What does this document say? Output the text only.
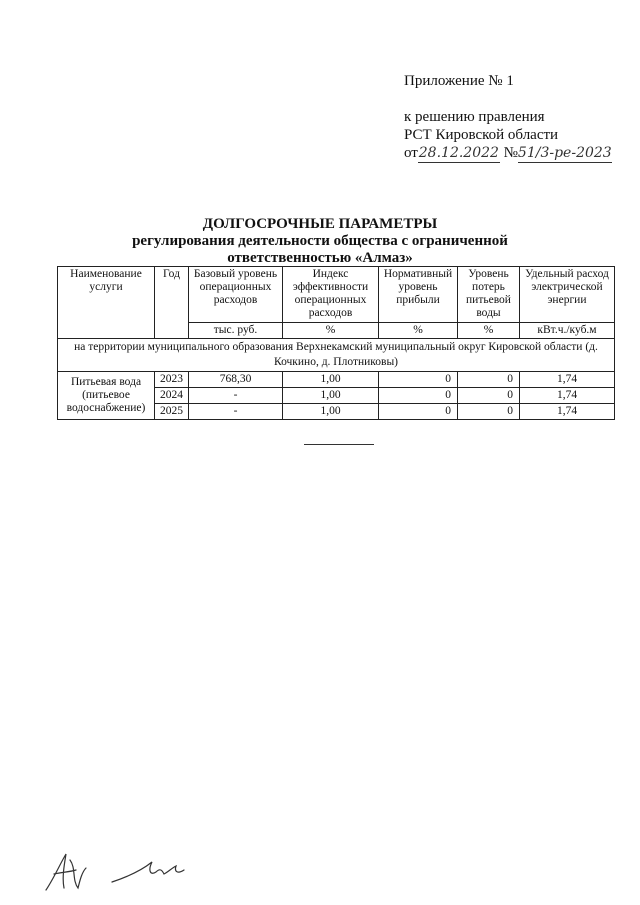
Приложение № 1
к решению правления
РСТ Кировской области
от28.12.2022 №51/3-ре-2023
ДОЛГОСРОЧНЫЕ ПАРАМЕТРЫ
регулирования деятельности общества с ограниченной
ответственностью «Алмаз»
Наименование услуги	Год	Базовый уровень операционных расходов	Индекс эффективности операционных расходов	Нормативный уровень прибыли	Уровень потерь питьевой воды	Удельный расход электрической энергии
		тыс. руб.	%	%	%	кВт.ч./куб.м
на территории муниципального образования Верхнекамский муниципальный округ Кировской области (д. Кочкино, д. Плотниковы)						
Питьевая вода (питьевое водоснабжение)	2023	768,30	1,00	0	0	1,74
	2024	-	1,00	0	0	1,74
	2025	-	1,00	0	0	1,74
